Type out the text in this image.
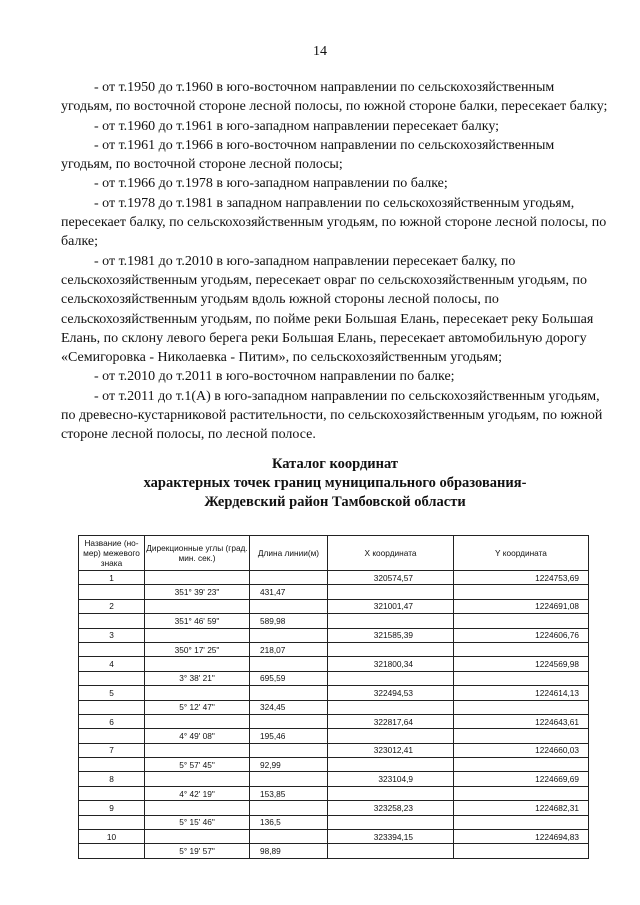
14

- от т.1950 до т.1960 в юго-восточном направлении по сельскохозяйственным угодьям, по восточной стороне лесной полосы, по южной стороне балки, пересекает балку;

- от т.1960 до т.1961 в юго-западном направлении пересекает балку;

- от т.1961 до т.1966 в юго-восточном направлении по сельскохозяйственным угодьям, по восточной стороне лесной полосы;

- от т.1966 до т.1978 в юго-западном направлении по балке;

- от т.1978 до т.1981 в западном направлении по сельскохозяйственным угодьям, пересекает балку, по сельскохозяйственным угодьям, по южной стороне лесной полосы, по балке;

- от т.1981 до т.2010 в юго-западном направлении пересекает балку, по сельскохозяйственным угодьям, пересекает овраг по сельскохозяйственным угодьям, по сельскохозяйственным угодьям вдоль южной стороны лесной полосы, по сельскохозяйственным угодьям, по пойме реки Большая Елань, пересекает реку Большая Елань, по склону левого берега реки Большая Елань, пересекает автомобильную дорогу «Семигоровка - Николаевка - Питим», по сельскохозяйственным угодьям;

- от т.2010 до т.2011 в юго-восточном направлении по балке;

- от т.2011 до т.1(А) в юго-западном направлении по сельскохозяйственным угодьям, по древесно-кустарниковой растительности, по сельскохозяйственным угодьям, по южной стороне лесной полосы, по лесной полосе.

Каталог координат
характерных точек границ муниципального образования-
Жердевский район Тамбовской области
Название (но- мер) межевого знака	Дирекционные углы (град. мин. сек.)	Длина линии(м)	X координата	Y координата
1			320574,57	1224753,69
	351° 39' 23"	431,47		
2			321001,47	1224691,08
	351° 46' 59"	589,98		
3			321585,39	1224606,76
	350° 17' 25"	218,07		
4			321800,34	1224569,98
	3° 38' 21"	695,59		
5			322494,53	1224614,13
	5° 12' 47"	324,45		
6			322817,64	1224643,61
	4° 49' 08"	195,46		
7			323012,41	1224660,03
	5° 57' 45"	92,99		
8			323104,9	1224669,69
	4° 42' 19"	153,85		
9			323258,23	1224682,31
	5° 15' 46"	136,5		
10			323394,15	1224694,83
	5° 19' 57"	98,89		
